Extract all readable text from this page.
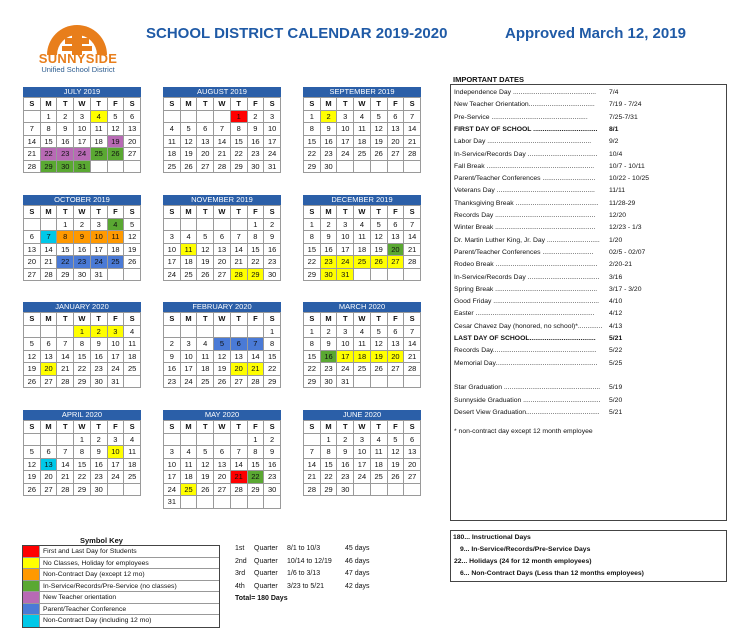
SUNNYSIDE
Unified School District
SCHOOL DISTRICT CALENDAR 2019-2020	Approved March 12, 2019
JULY 2019
S	M	T	W	T	F	S
	1	2	3	4	5	6
7	8	9	10	11	12	13
14	15	16	17	18	19	20
21	22	23	24	25	26	27
28	29	30	31			
AUGUST 2019
S	M	T	W	T	F	S
				1	2	3
4	5	6	7	8	9	10
11	12	13	14	15	16	17
18	19	20	21	22	23	24
25	26	27	28	29	30	31
SEPTEMBER 2019
S	M	T	W	T	F	S
1	2	3	4	5	6	7
8	9	10	11	12	13	14
15	16	17	18	19	20	21
22	23	24	25	26	27	28
29	30					
OCTOBER 2019
S	M	T	W	T	F	S
		1	2	3	4	5
6	7	8	9	10	11	12
13	14	15	16	17	18	19
20	21	22	23	24	25	26
27	28	29	30	31		
NOVEMBER 2019
S	M	T	W	T	F	S
					1	2
3	4	5	6	7	8	9
10	11	12	13	14	15	16
17	18	19	20	21	22	23
24	25	26	27	28	29	30
DECEMBER 2019
S	M	T	W	T	F	S
1	2	3	4	5	6	7
8	9	10	11	12	13	14
15	16	17	18	19	20	21
22	23	24	25	26	27	28
29	30	31				
JANUARY 2020
S	M	T	W	T	F	S
			1	2	3	4
5	6	7	8	9	10	11
12	13	14	15	16	17	18
19	20	21	22	23	24	25
26	27	28	29	30	31	
FEBRUARY 2020
S	M	T	W	T	F	S
						1
2	3	4	5	6	7	8
9	10	11	12	13	14	15
16	17	18	19	20	21	22
23	24	25	26	27	28	29
MARCH 2020
S	M	T	W	T	F	S
1	2	3	4	5	6	7
8	9	10	11	12	13	14
15	16	17	18	19	20	21
22	23	24	25	26	27	28
29	30	31				
APRIL 2020
S	M	T	W	T	F	S
			1	2	3	4
5	6	7	8	9	10	11
12	13	14	15	16	17	18
19	20	21	22	23	24	25
26	27	28	29	30		
MAY 2020
S	M	T	W	T	F	S
					1	2
3	4	5	6	7	8	9
10	11	12	13	14	15	16
17	18	19	20	21	22	23
24	25	26	27	28	29	30
31						
JUNE 2020
S	M	T	W	T	F	S
	1	2	3	4	5	6
7	8	9	10	11	12	13
14	15	16	17	18	19	20
21	22	23	24	25	26	27
28	29	30				
IMPORTANT DATES
* non-contract day except 12 month employee
Independence Day ............................................ 7/4
New Teacher Orientation................................... 7/19 - 7/24
Pre-Service ...................................................	7/25-7/31
FIRST DAY OF SCHOOL .................................. 8/1
Labor Day .......................................................	9/2
In-Service/Records Day ..................................... 10/4
Fall Break ......................................................... 10/7 - 10/11
Parent/Teacher Conferences ............................ 10/22 - 10/25
Veterans Day .................................................... 11/11
Thanksgiving Break ............................................ 11/28-29
Records Day ..................................................... 12/20
Winter Break ..................................................... 12/23 - 1/3
Dr. Martin Luther King, Jr. Day ............................ 1/20
Parent/Teacher Conferences ........................... 02/5 - 02/07
Rodeo Break ...................................................... 2/20-21
In-Service/Records Day ...................................... 3/16
Spring Break ...................................................... 3/17 - 3/20
Good Friday ........................................................ 4/10
Easter ............................................................... 4/12
Cesar Chavez Day (honored, no school)*............. 4/13
LAST DAY OF SCHOOL................................... 5/21
Records Day....................................................... 5/22
Memorial Day...................................................... 5/25
Star Graduation ................................................... 5/19
Sunnyside Graduation ......................................... 5/20
Desert View Graduation....................................... 5/21
180... Instructional Days
9... In-Service/Records/Pre-Service Days
22... Holidays (24 for 12 month employees)
6... Non-Contract Days (Less than 12 months employees)
Symbol Key
First and Last Day for Students
No Classes, Holiday for employees
Non-Contract Day (except 12 mo)
In-Service/Records/Pre-Service (no classes)
New Teacher orientation
Parent/Teacher Conference
Non-Contract Day (including 12 mo)
1st Quarter 8/1 to 10/3	45 days
2nd Quarter 10/14 to 12/19 46 days
3rd Quarter 1/6 to 3/13	47 days
4th Quarter 3/23 to 5/21	42 days
Total= 180 Days
